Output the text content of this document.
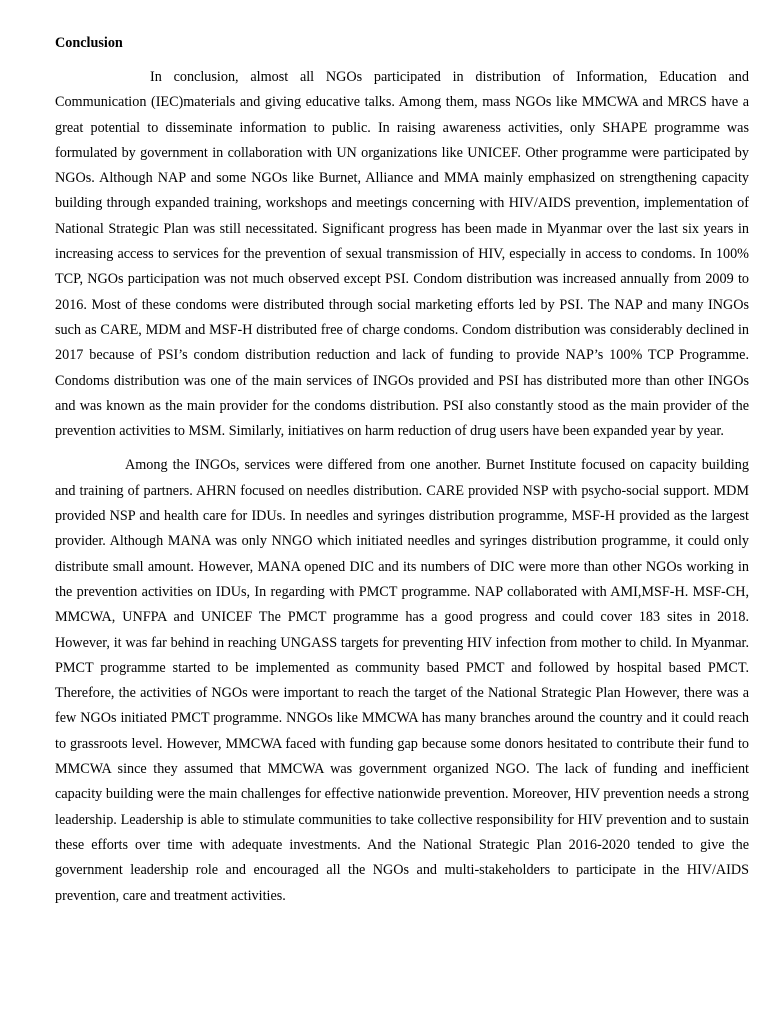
Conclusion

In conclusion, almost all NGOs participated in distribution of Information, Education and Communication (IEC)materials and giving educative talks. Among them, mass NGOs like MMCWA and MRCS have a great potential to disseminate information to public. In raising awareness activities, only SHAPE programme was formulated by government in collaboration with UN organizations like UNICEF. Other programme were participated by NGOs. Although NAP and some NGOs like Burnet, Alliance and MMA mainly emphasized on strengthening capacity building through expanded training, workshops and meetings concerning with HIV/AIDS prevention, implementation of National Strategic Plan was still necessitated. Significant progress has been made in Myanmar over the last six years in increasing access to services for the prevention of sexual transmission of HIV, especially in access to condoms. In 100% TCP, NGOs participation was not much observed except PSI. Condom distribution was increased annually from 2009 to 2016. Most of these condoms were distributed through social marketing efforts led by PSI. The NAP and many INGOs such as CARE, MDM and MSF-H distributed free of charge condoms. Condom distribution was considerably declined in 2017 because of PSI’s condom distribution reduction and lack of funding to provide NAP’s 100% TCP Programme. Condoms distribution was one of the main services of INGOs provided and PSI has distributed more than other INGOs and was known as the main provider for the condoms distribution. PSI also constantly stood as the main provider of the prevention activities to MSM. Similarly, initiatives on harm reduction of drug users have been expanded year by year.

Among the INGOs, services were differed from one another. Burnet Institute focused on capacity building and training of partners. AHRN focused on needles distribution. CARE provided NSP with psycho-social support. MDM provided NSP and health care for IDUs. In needles and syringes distribution programme, MSF-H provided as the largest provider. Although MANA was only NNGO which initiated needles and syringes distribution programme, it could only distribute small amount. However, MANA opened DIC and its numbers of DIC were more than other NGOs working in the prevention activities on IDUs, In regarding with PMCT programme. NAP collaborated with AMI,MSF-H. MSF-CH, MMCWA, UNFPA and UNICEF The PMCT programme has a good progress and could cover 183 sites in 2018. However, it was far behind in reaching UNGASS targets for preventing HIV infection from mother to child. In Myanmar. PMCT programme started to be implemented as community based PMCT and followed by hospital based PMCT. Therefore, the activities of NGOs were important to reach the target of the National Strategic Plan However, there was a few NGOs initiated PMCT programme. NNGOs like MMCWA has many branches around the country and it could reach to grassroots level. However, MMCWA faced with funding gap because some donors hesitated to contribute their fund to MMCWA since they assumed that MMCWA was government organized NGO. The lack of funding and inefficient capacity building were the main challenges for effective nationwide prevention. Moreover, HIV prevention needs a strong leadership. Leadership is able to stimulate communities to take collective responsibility for HIV prevention and to sustain these efforts over time with adequate investments. And the National Strategic Plan 2016-2020 tended to give the government leadership role and encouraged all the NGOs and multi-stakeholders to participate in the HIV/AIDS prevention, care and treatment activities.
